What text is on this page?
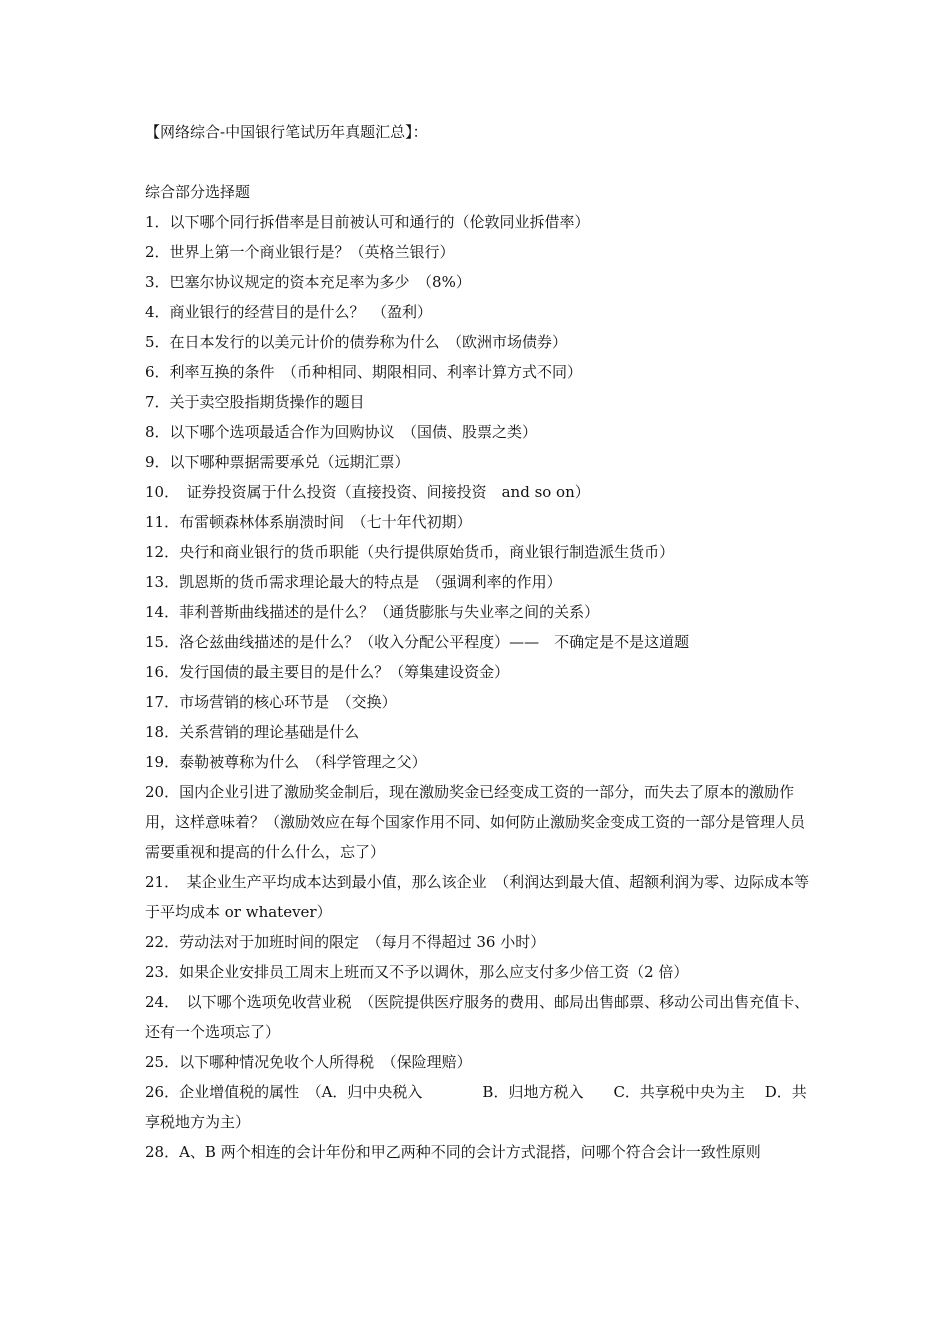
【网络综合-中国银行笔试历年真题汇总】：

综合部分选择题

1．以下哪个同行拆借率是目前被认可和通行的（伦敦同业拆借率）
2．世界上第一个商业银行是？（英格兰银行）
3．巴塞尔协议规定的资本充足率为多少　（8%）
4．商业银行的经营目的是什么？　（盈利）
5．在日本发行的以美元计价的债券称为什么　（欧洲市场债券）
6．利率互换的条件　（币种相同、期限相同、利率计算方式不同）
7．关于卖空股指期货操作的题目
8．以下哪个选项最适合作为回购协议　（国债、股票之类）
9．以下哪种票据需要承兑（远期汇票）
10．　证券投资属于什么投资（直接投资、间接投资　and so on）
11．布雷顿森林体系崩溃时间　（七十年代初期）
12．央行和商业银行的货币职能（央行提供原始货币，商业银行制造派生货币）
13．凯恩斯的货币需求理论最大的特点是　（强调利率的作用）
14．菲利普斯曲线描述的是什么？（通货膨胀与失业率之间的关系）
15．洛仑兹曲线描述的是什么？（收入分配公平程度）——　不确定是不是这道题
16．发行国债的最主要目的是什么？（筹集建设资金）
17．市场营销的核心环节是　（交换）
18．关系营销的理论基础是什么
19．泰勒被尊称为什么　（科学管理之父）
20．国内企业引进了激励奖金制后，现在激励奖金已经变成工资的一部分，而失去了原本的激励作用，这样意味着？（激励效应在每个国家作用不同、如何防止激励奖金变成工资的一部分是管理人员需要重视和提高的什么什么，忘了）
21．　某企业生产平均成本达到最小值，那么该企业　（利润达到最大值、超额利润为零、边际成本等于平均成本 or whatever）
22．劳动法对于加班时间的限定　（每月不得超过 36 小时）
23．如果企业安排员工周末上班而又不予以调休，那么应支付多少倍工资（2 倍）
24．　以下哪个选项免收营业税　（医院提供医疗服务的费用、邮局出售邮票、移动公司出售充值卡、还有一个选项忘了）
25．以下哪种情况免收个人所得税　（保险理赔）
26．企业增值税的属性　（A．归中央税入　　　　B．归地方税入　　C．共享税中央为主　 D．共享税地方为主）
28．A、B 两个相连的会计年份和甲乙两种不同的会计方式混搭，问哪个符合会计一致性原则
